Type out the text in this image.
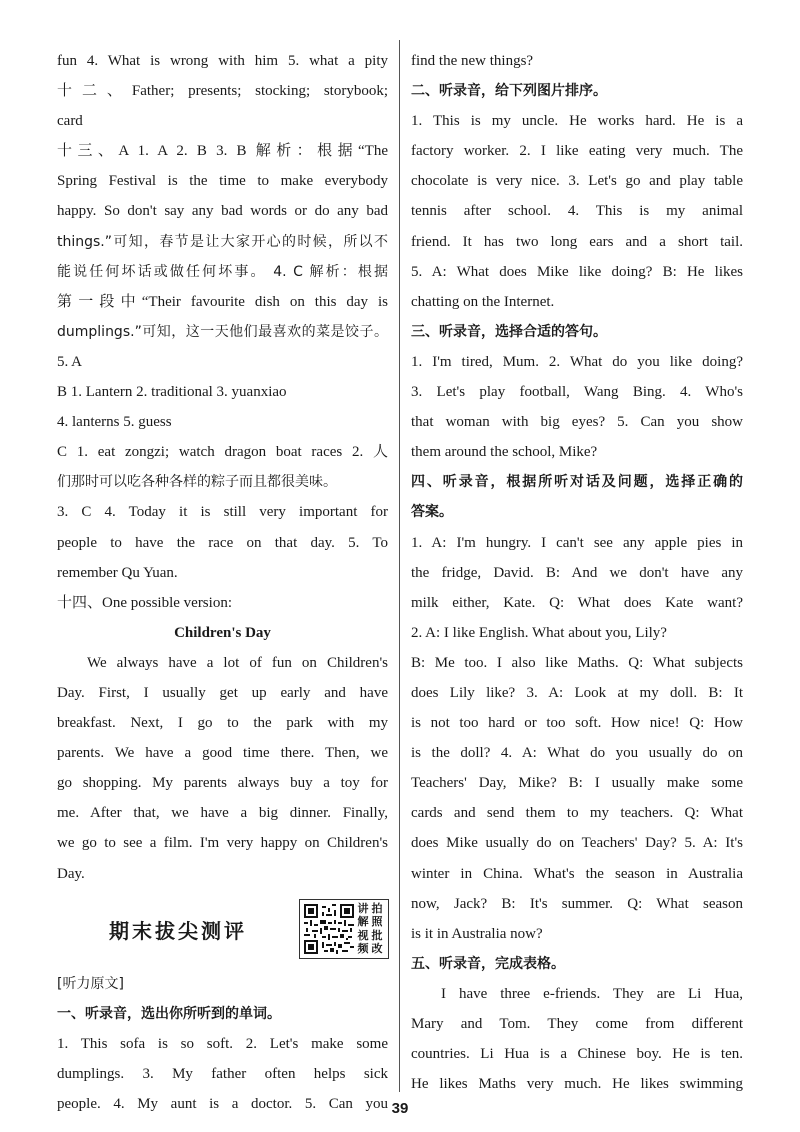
fun 4. What is wrong with him 5. what a pity
十二、Father; presents; stocking; storybook;
card
十三、A 1. A 2. B 3. B 解析：根据“The
Spring Festival is the time to make everybody
happy. So don't say any bad words or do any bad
things.”可知，春节是让大家开心的时候，所以不
能说任何坏话或做任何坏事。 4. C 解析：根据
第一段中“Their favourite dish on this day is
dumplings.”可知，这一天他们最喜欢的菜是饺子。
5. A
B 1. Lantern 2. traditional 3. yuanxiao
4. lanterns 5. guess
C 1. eat zongzi; watch dragon boat races 2. 人
们那时可以吃各种各样的粽子而且都很美味。
3. C 4. Today it is still very important for
people to have the race on that day. 5. To
remember Qu Yuan.
十四、One possible version:
Children's Day
We always have a lot of fun on Children's
Day. First, I usually get up early and have
breakfast. Next, I go to the park with my
parents. We have a good time there. Then, we
go shopping. My parents always buy a toy for
me. After that, we have a big dinner. Finally,
we go to see a film. I'm very happy on Children's
Day.
期末拔尖测评
讲 拍解 照视 批频 改
[听力原文]
一、听录音，选出你所听到的单词。
1. This sofa is so soft. 2. Let's make some
dumplings. 3. My father often helps sick
people. 4. My aunt is a doctor. 5. Can you
find the new things?
二、听录音，给下列图片排序。
1. This is my uncle. He works hard. He is a
factory worker. 2. I like eating very much. The
chocolate is very nice. 3. Let's go and play table
tennis after school. 4. This is my animal
friend. It has two long ears and a short tail.
5. A: What does Mike like doing? B: He likes
chatting on the Internet.
三、听录音，选择合适的答句。
1. I'm tired, Mum. 2. What do you like doing?
3. Let's play football, Wang Bing. 4. Who's
that woman with big eyes? 5. Can you show
them around the school, Mike?
四、听录音，根据所听对话及问题，选择正确的
答案。
1. A: I'm hungry. I can't see any apple pies in
the fridge, David. B: And we don't have any
milk either, Kate. Q: What does Kate want?
2. A: I like English. What about you, Lily?
B: Me too. I also like Maths. Q: What subjects
does Lily like? 3. A: Look at my doll. B: It
is not too hard or too soft. How nice! Q: How
is the doll? 4. A: What do you usually do on
Teachers' Day, Mike? B: I usually make some
cards and send them to my teachers. Q: What
does Mike usually do on Teachers' Day? 5. A: It's
winter in China. What's the season in Australia
now, Jack? B: It's summer. Q: What season
is it in Australia now?
五、听录音，完成表格。
I have three e-friends. They are Li Hua,
Mary and Tom. They come from different
countries. Li Hua is a Chinese boy. He is ten.
He likes Maths very much. He likes swimming
39
